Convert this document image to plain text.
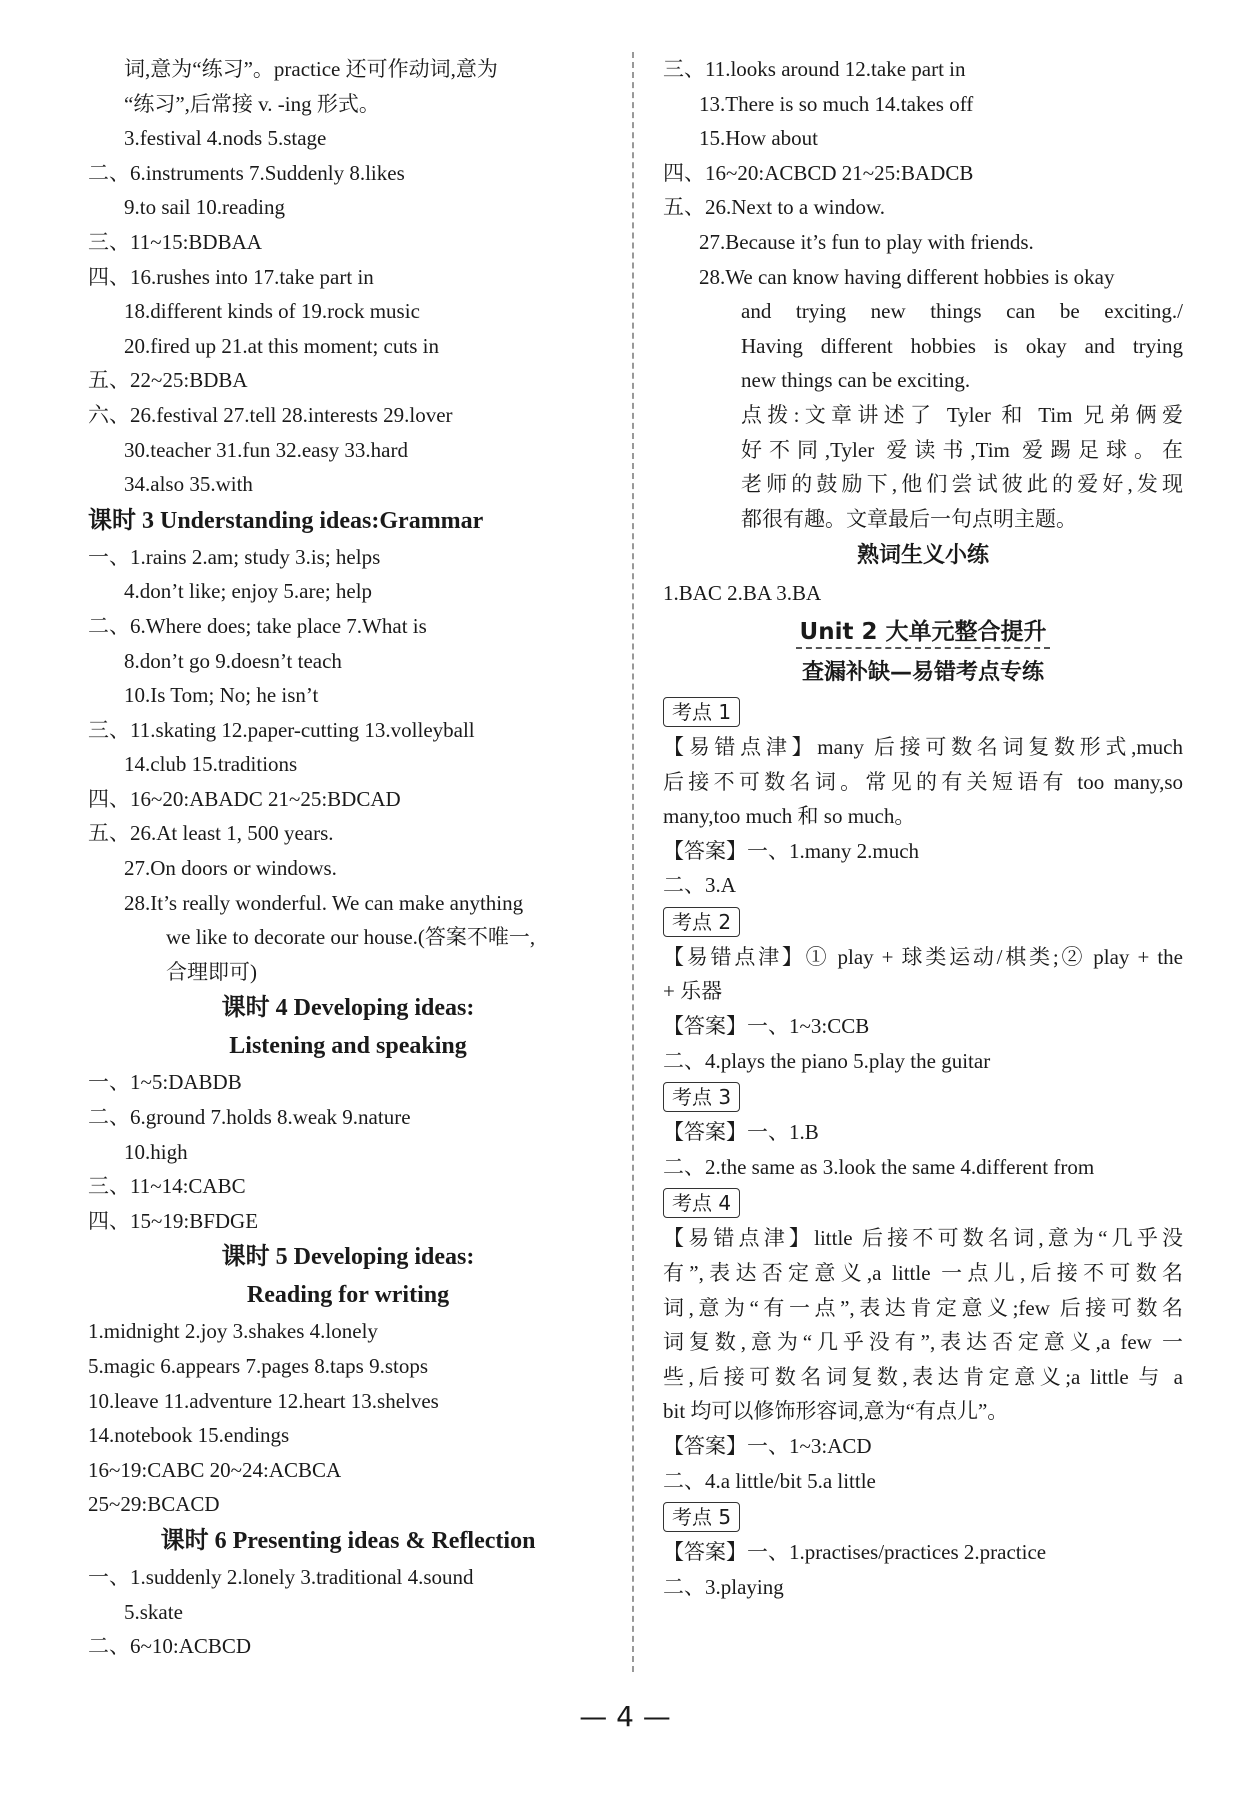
词,意为“练习”。practice 还可作动词,意为
“练习”,后常接 v. -ing 形式。
3.festival 4.nods 5.stage
二、6.instruments 7.Suddenly 8.likes
9.to sail 10.reading
三、11~15:BDBAA
四、16.rushes into 17.take part in
18.different kinds of 19.rock music
20.fired up 21.at this moment; cuts in
五、22~25:BDBA
六、26.festival 27.tell 28.interests 29.lover
30.teacher 31.fun 32.easy 33.hard
34.also 35.with
课时 3 Understanding ideas:Grammar
一、1.rains 2.am; study 3.is; helps
4.don’t like; enjoy 5.are; help
二、6.Where does; take place 7.What is
8.don’t go 9.doesn’t teach
10.Is Tom; No; he isn’t
三、11.skating 12.paper-cutting 13.volleyball
14.club 15.traditions
四、16~20:ABADC 21~25:BDCAD
五、26.At least 1, 500 years.
27.On doors or windows.
28.It’s really wonderful. We can make anything
we like to decorate our house.(答案不唯一,
合理即可)
课时 4 Developing ideas:
Listening and speaking
一、1~5:DABDB
二、6.ground 7.holds 8.weak 9.nature
10.high
三、11~14:CABC
四、15~19:BFDGE
课时 5 Developing ideas:
Reading for writing
1.midnight 2.joy 3.shakes 4.lonely
5.magic 6.appears 7.pages 8.taps 9.stops
10.leave 11.adventure 12.heart 13.shelves
14.notebook 15.endings
16~19:CABC 20~24:ACBCA
25~29:BCACD
课时 6 Presenting ideas & Reflection
一、1.suddenly 2.lonely 3.traditional 4.sound
5.skate
二、6~10:ACBCD
三、11.looks around 12.take part in
13.There is so much 14.takes off
15.How about
四、16~20:ACBCD 21~25:BADCB
五、26.Next to a window.
27.Because it’s fun to play with friends.
28.We can know having different hobbies is okay
and trying new things can be exciting./
Having different hobbies is okay and trying
new things can be exciting.
点拨:文章讲述了 Tyler 和 Tim 兄弟俩爱
好不同,Tyler 爱读书,Tim 爱踢足球。在
老师的鼓励下,他们尝试彼此的爱好,发现
都很有趣。文章最后一句点明主题。
熟词生义小练
1.BAC 2.BA 3.BA
Unit 2 大单元整合提升
查漏补缺—易错考点专练
考点 1
【易错点津】many 后接可数名词复数形式,much
后接不可数名词。常见的有关短语有 too many,so
many,too much 和 so much。
【答案】一、1.many 2.much
二、3.A
考点 2
【易错点津】① play + 球类运动/棋类;② play + the
+ 乐器
【答案】一、1~3:CCB
二、4.plays the piano 5.play the guitar
考点 3
【答案】一、1.B
二、2.the same as 3.look the same 4.different from
考点 4
【易错点津】little 后接不可数名词,意为“几乎没
有”,表达否定意义,a little 一点儿,后接不可数名
词,意为“有一点”,表达肯定意义;few 后接可数名
词复数,意为“几乎没有”,表达否定意义,a few 一
些,后接可数名词复数,表达肯定意义;a little 与 a
bit 均可以修饰形容词,意为“有点儿”。
【答案】一、1~3:ACD
二、4.a little/bit 5.a little
考点 5
【答案】一、1.practises/practices 2.practice
二、3.playing
— 4 —
